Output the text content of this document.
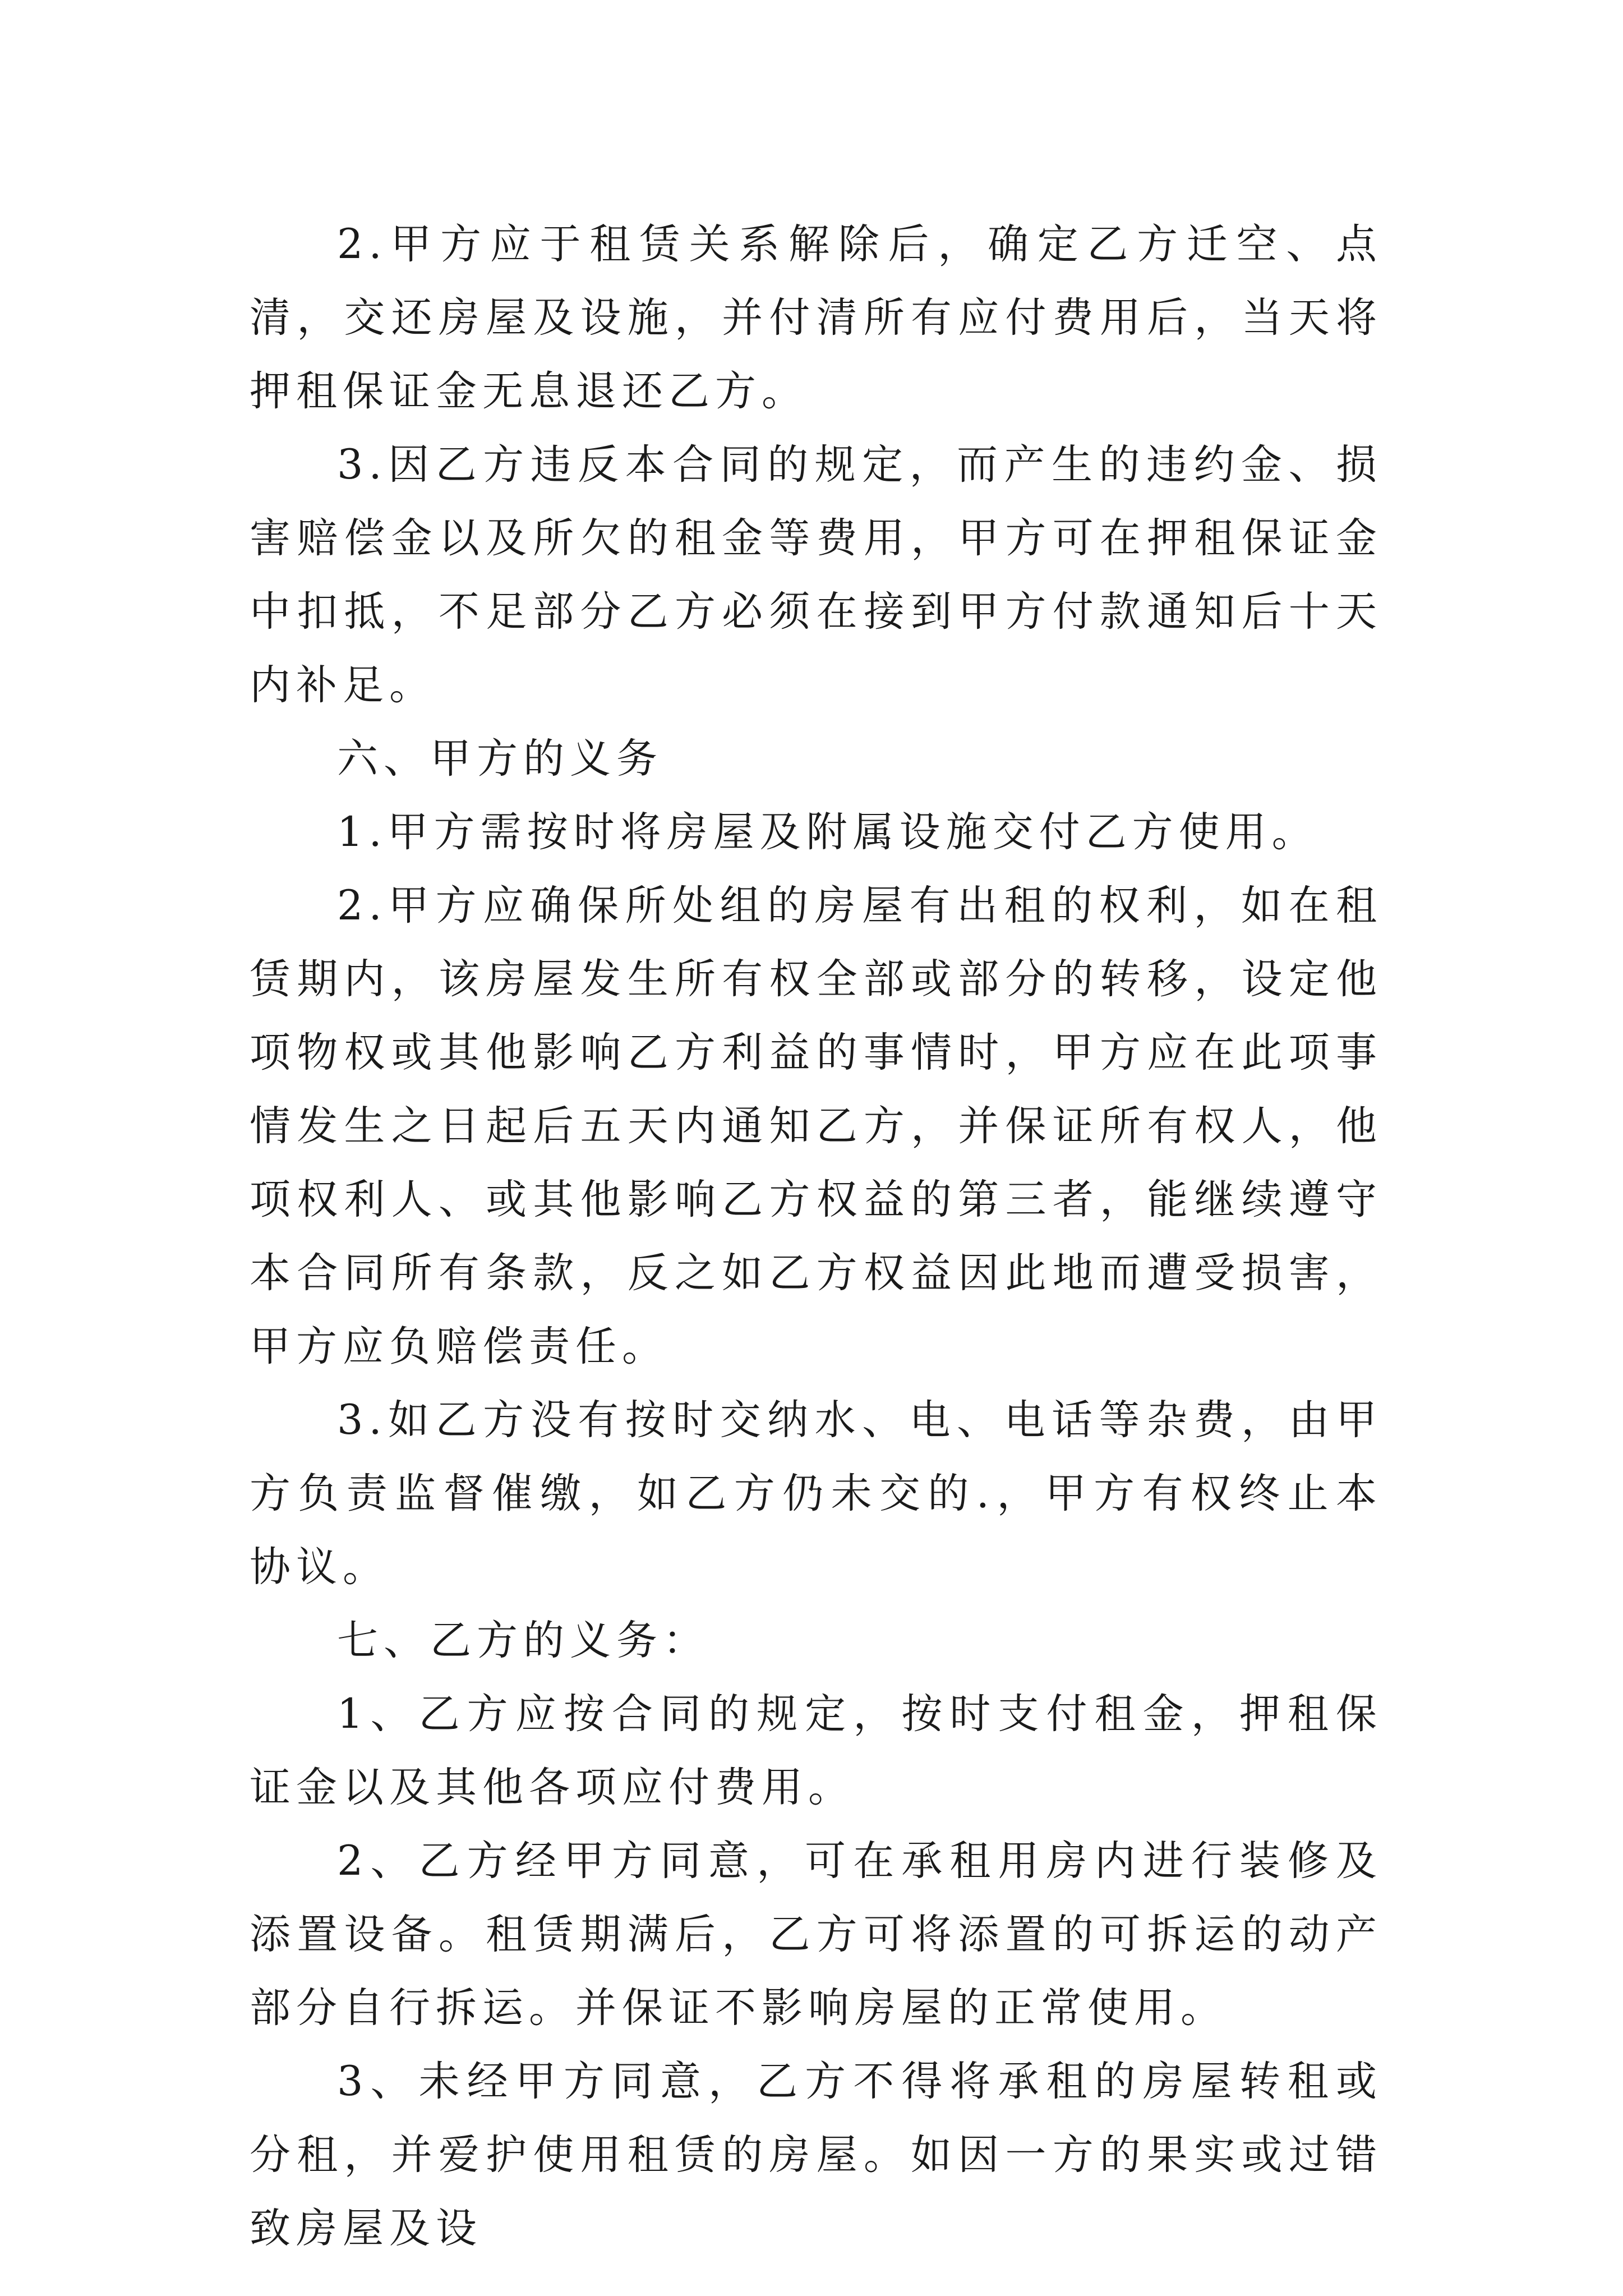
2.甲方应于租赁关系解除后，确定乙方迁空、点清，交还房屋及设施，并付清所有应付费用后，当天将押租保证金无息退还乙方。

3.因乙方违反本合同的规定，而产生的违约金、损害赔偿金以及所欠的租金等费用，甲方可在押租保证金中扣抵，不足部分乙方必须在接到甲方付款通知后十天内补足。

六、甲方的义务

1.甲方需按时将房屋及附属设施交付乙方使用。

2.甲方应确保所处组的房屋有出租的权利，如在租赁期内，该房屋发生所有权全部或部分的转移，设定他项物权或其他影响乙方利益的事情时，甲方应在此项事情发生之日起后五天内通知乙方，并保证所有权人，他项权利人、或其他影响乙方权益的第三者，能继续遵守本合同所有条款，反之如乙方权益因此地而遭受损害，甲方应负赔偿责任。

3.如乙方没有按时交纳水、电、电话等杂费，由甲方负责监督催缴，如乙方仍未交的.，甲方有权终止本协议。

七、乙方的义务：

1、乙方应按合同的规定，按时支付租金，押租保证金以及其他各项应付费用。

2、乙方经甲方同意，可在承租用房内进行装修及添置设备。租赁期满后，乙方可将添置的可拆运的动产部分自行拆运。并保证不影响房屋的正常使用。

3、未经甲方同意，乙方不得将承租的房屋转租或分租，并爱护使用租赁的房屋。如因一方的果实或过错致房屋及设
